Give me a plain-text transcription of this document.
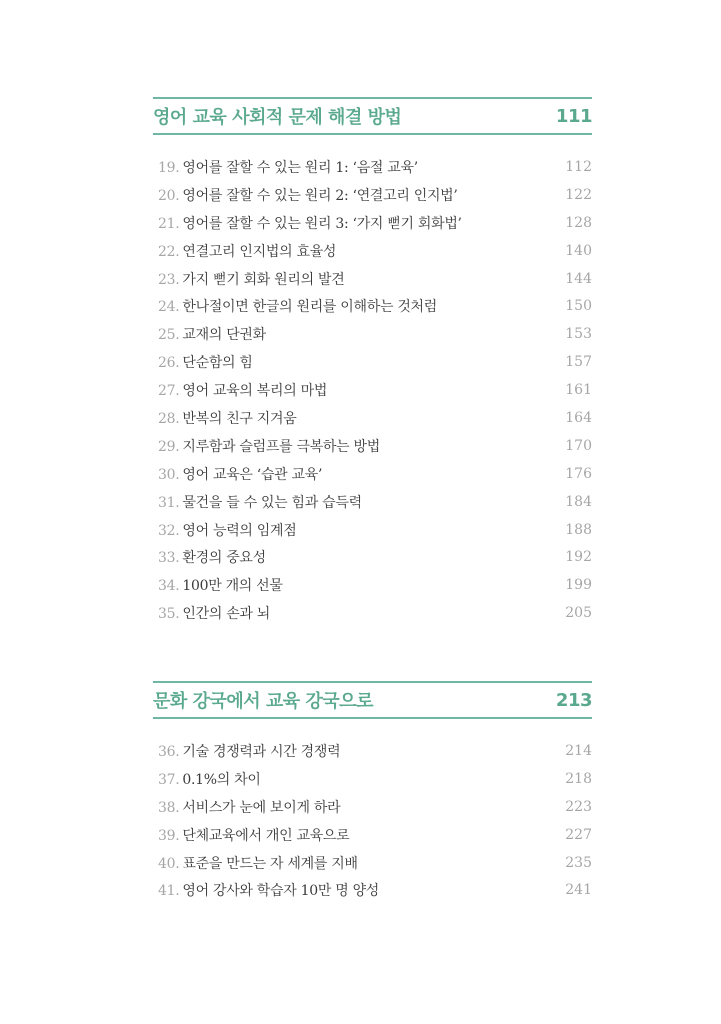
영어 교육 사회적 문제 해결 방법	111
19. 영어를 잘할 수 있는 원리 1: ‘음절 교육’	112
20. 영어를 잘할 수 있는 원리 2: ‘연결고리 인지법’	122
21. 영어를 잘할 수 있는 원리 3: ‘가지 뻗기 회화법’	128
22. 연결고리 인지법의 효율성	140
23. 가지 뻗기 회화 원리의 발견	144
24. 한나절이면 한글의 원리를 이해하는 것처럼	150
25. 교재의 단권화	153
26. 단순함의 힘	157
27. 영어 교육의 복리의 마법	161
28. 반복의 친구 지겨움	164
29. 지루함과 슬럼프를 극복하는 방법	170
30. 영어 교육은 ‘습관 교육’	176
31. 물건을 들 수 있는 힘과 습득력	184
32. 영어 능력의 임계점	188
33. 환경의 중요성	192
34. 100만 개의 선물	199
35. 인간의 손과 뇌	205
문화 강국에서 교육 강국으로	213
36. 기술 경쟁력과 시간 경쟁력	214
37. 0.1%의 차이	218
38. 서비스가 눈에 보이게 하라	223
39. 단체교육에서 개인 교육으로	227
40. 표준을 만드는 자 세계를 지배	235
41. 영어 강사와 학습자 10만 명 양성	241
